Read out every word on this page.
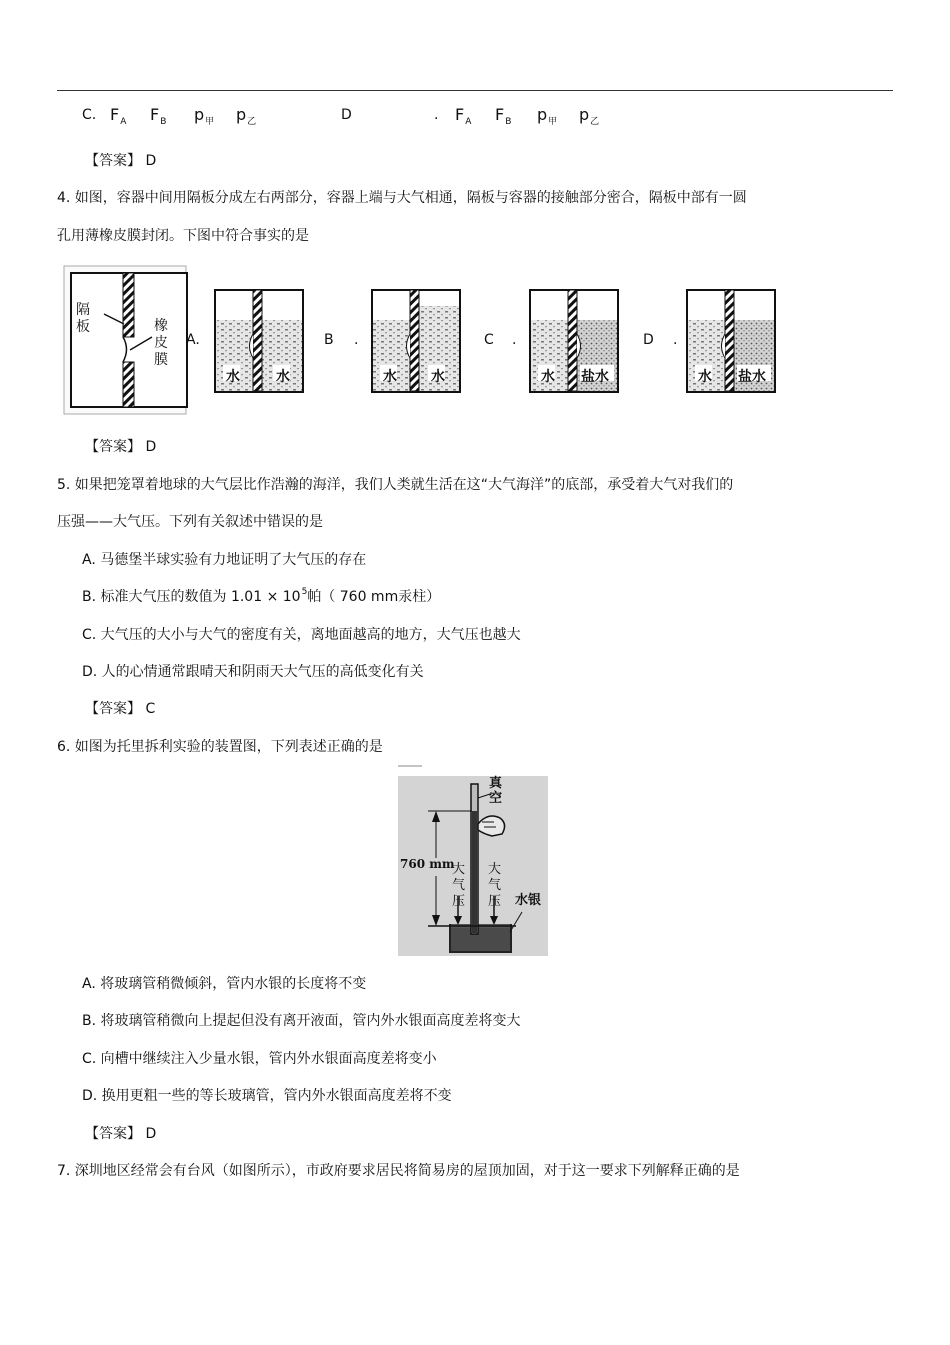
C. $F_A$ $F_B$ $p_甲$ $p_乙$	D	. $F_A$ $F_B$ $p_甲$ $p_乙$
【答案】 D
4. 如图，容器中间用隔板分成左右两部分，容器上端与大气相通，隔板与容器的接触部分密合，隔板中部有一圆
孔用薄橡皮膜封闭。下图中符合事实的是
隔板	橡皮膜
A.	B .	C .	D .
水	水	水 水	水 盐水	水 盐水
【答案】 D
5. 如果把笼罩着地球的大气层比作浩瀚的海洋，我们人类就生活在这“大气海洋”的底部，承受着大气对我们的
压强——大气压。下列有关叙述中错误的是
A. 马德堡半球实验有力地证明了大气压的存在
B. 标准大气压的数值为 $1.01 \times 10^5$帕（ 760 mm汞柱）
C. 大气压的大小与大气的密度有关，离地面越高的地方，大气压也越大
D. 人的心情通常跟晴天和阴雨天大气压的高低变化有关
【答案】 C
6. 如图为托里拆利实验的装置图，下列表述正确的是
真空
760 mm
大气压
大气压 水银
A. 将玻璃管稍微倾斜，管内水银的长度将不变
B. 将玻璃管稍微向上提起但没有离开液面，管内外水银面高度差将变大
C. 向槽中继续注入少量水银，管内外水银面高度差将变小
D. 换用更粗一些的等长玻璃管，管内外水银面高度差将不变
【答案】 D
7. 深圳地区经常会有台风（如图所示），市政府要求居民将简易房的屋顶加固，对于这一要求下列解释正确的是
